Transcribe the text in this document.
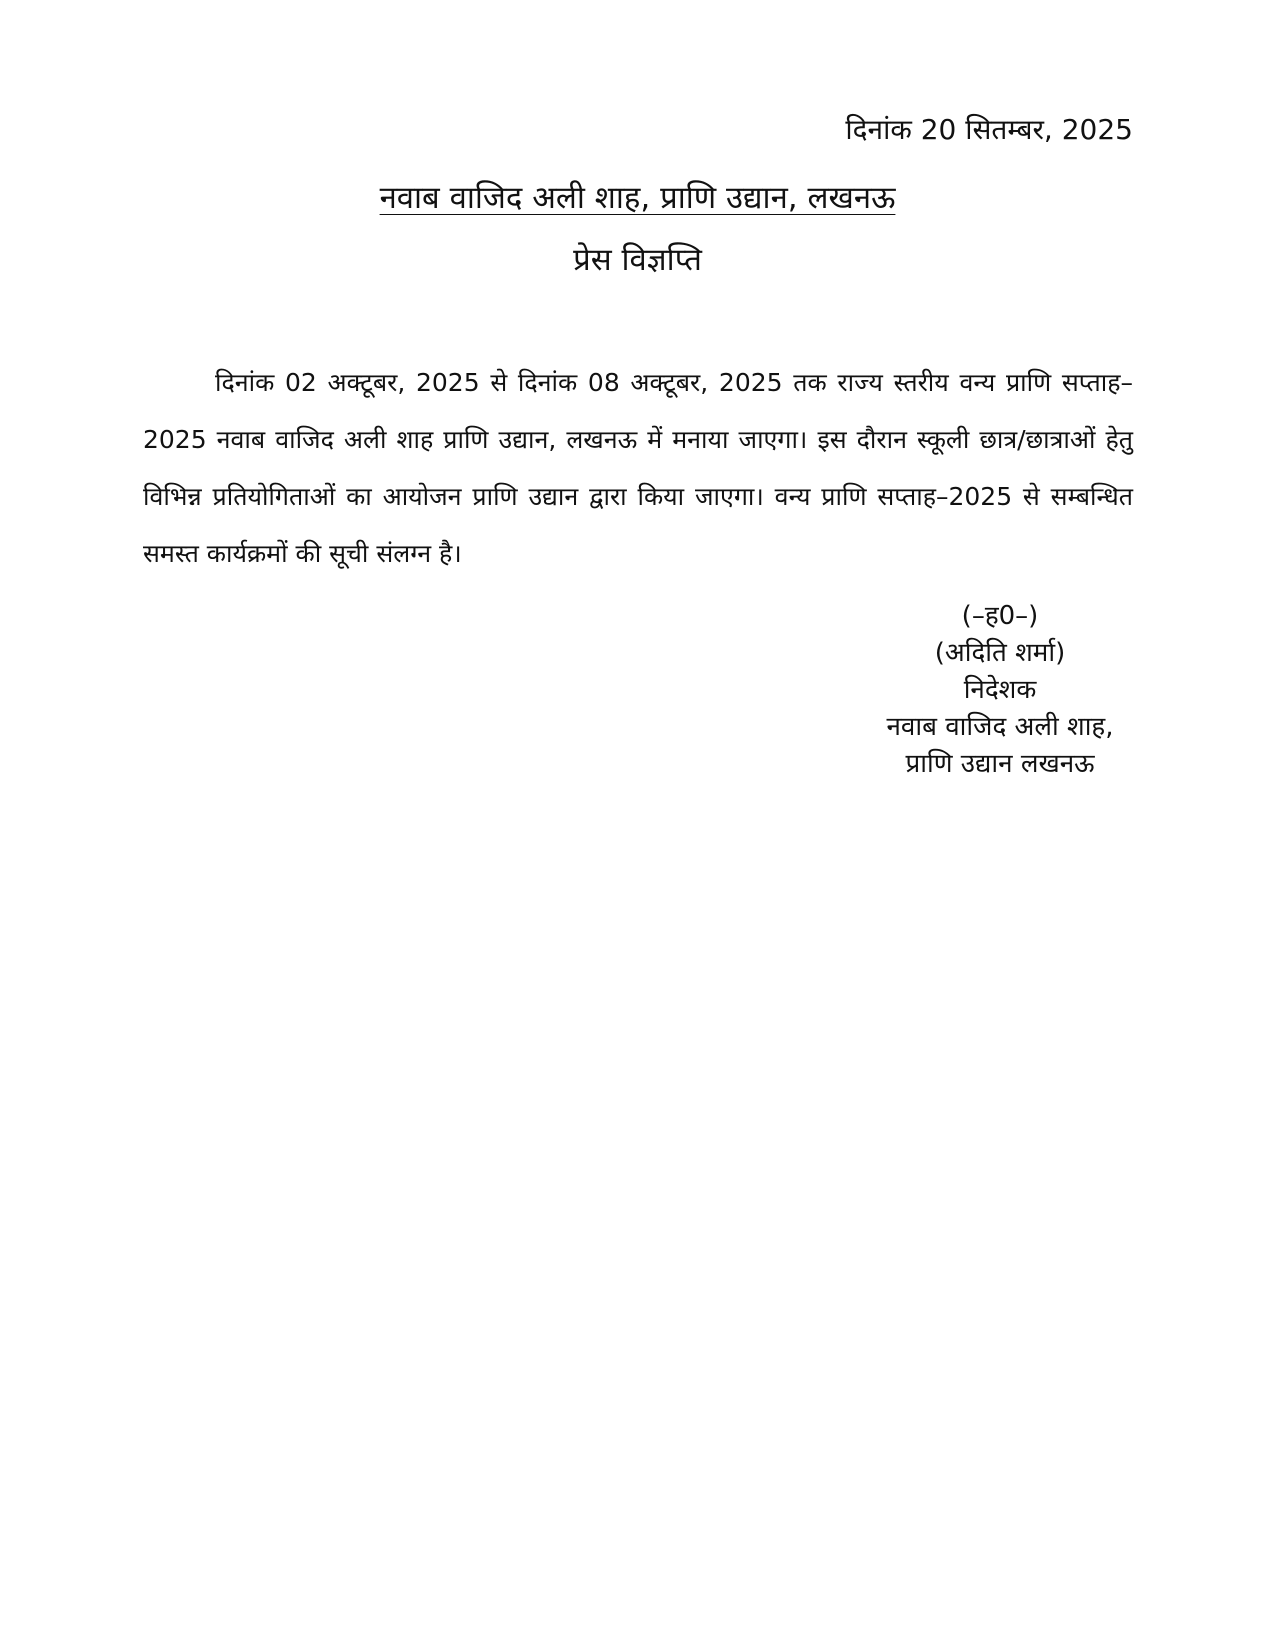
दिनांक 20 सितम्बर, 2025
नवाब वाजिद अली शाह, प्राणि उद्यान, लखनऊ
प्रेस विज्ञप्ति

दिनांक 02 अक्टूबर, 2025 से दिनांक 08 अक्टूबर, 2025 तक राज्य स्तरीय वन्य प्राणि सप्ताह–2025 नवाब वाजिद अली शाह प्राणि उद्यान, लखनऊ में मनाया जाएगा। इस दौरान स्कूली छात्र/छात्राओं हेतु विभिन्न प्रतियोगिताओं का आयोजन प्राणि उद्यान द्वारा किया जाएगा। वन्य प्राणि सप्ताह–2025 से सम्बन्धित समस्त कार्यक्रमों की सूची संलग्न है।

(–ह0–)
(अदिति शर्मा)
निदेशक
नवाब वाजिद अली शाह,
प्राणि उद्यान लखनऊ
